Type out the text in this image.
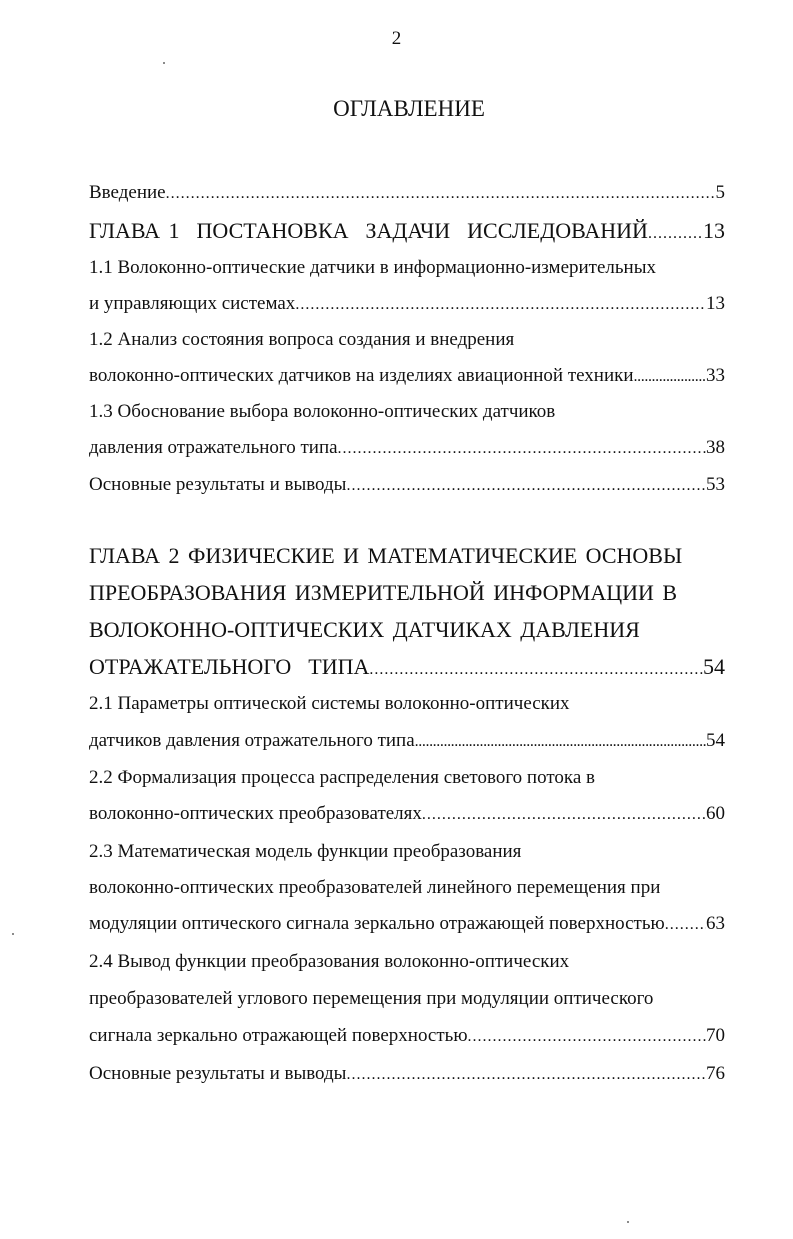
2
ОГЛАВЛЕНИЕ
Введение .....	5
ГЛАВА 1  ПОСТАНОВКА  ЗАДАЧИ  ИССЛЕДОВАНИЙ .....	13
1.1 Волоконно-оптические датчики в информационно-измерительных
и управляющих системах .....	13
1.2 Анализ состояния вопроса создания и внедрения
волоконно-оптических датчиков на изделиях авиационной техники .....	33
1.3 Обоснование выбора волоконно-оптических датчиков
давления отражательного типа .....	38
Основные результаты и выводы .....	53
ГЛАВА 2 ФИЗИЧЕСКИЕ И МАТЕМАТИЧЕСКИЕ ОСНОВЫ
ПРЕОБРАЗОВАНИЯ ИЗМЕРИТЕЛЬНОЙ ИНФОРМАЦИИ В
ВОЛОКОННО-ОПТИЧЕСКИХ ДАТЧИКАХ ДАВЛЕНИЯ
ОТРАЖАТЕЛЬНОГО  ТИПА .....	54
2.1 Параметры оптической системы волоконно-оптических
датчиков давления отражательного типа .....	54
2.2 Формализация процесса распределения светового потока в
волоконно-оптических преобразователях .....	60
2.3 Математическая модель функции преобразования
волоконно-оптических преобразователей линейного перемещения при
модуляции оптического сигнала зеркально отражающей поверхностью ..... 63
2.4 Вывод функции преобразования волоконно-оптических
преобразователей углового перемещения при модуляции оптического
сигнала зеркально отражающей поверхностью .....	70
Основные результаты и выводы .....	76
